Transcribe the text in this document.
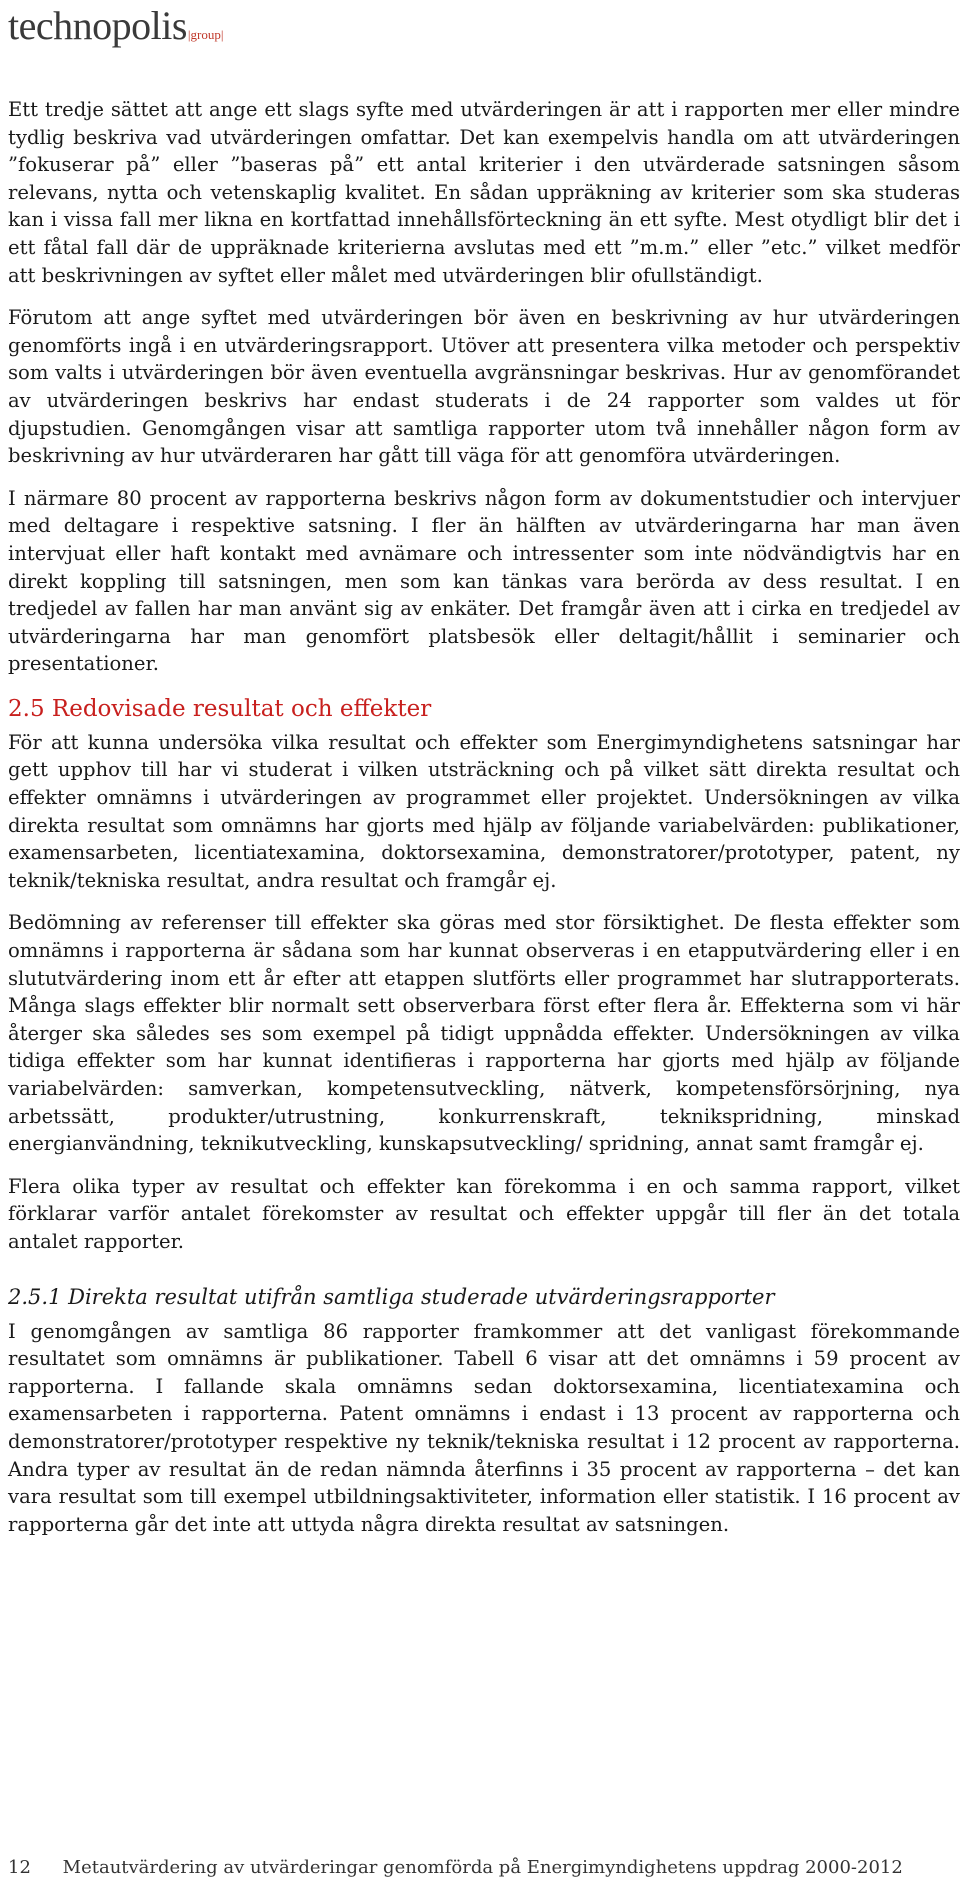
technopolis |group|

Ett tredje sättet att ange ett slags syfte med utvärderingen är att i rapporten mer eller mindre tydlig beskriva vad utvärderingen omfattar. Det kan exempelvis handla om att utvärderingen ”fokuserar på” eller ”baseras på” ett antal kriterier i den utvärderade satsningen såsom relevans, nytta och vetenskaplig kvalitet. En sådan uppräkning av kriterier som ska studeras kan i vissa fall mer likna en kortfattad innehållsförteckning än ett syfte. Mest otydligt blir det i ett fåtal fall där de uppräknade kriterierna avslutas med ett ”m.m.” eller ”etc.” vilket medför att beskrivningen av syftet eller målet med utvärderingen blir ofullständigt.

Förutom att ange syftet med utvärderingen bör även en beskrivning av hur utvärderingen genomförts ingå i en utvärderingsrapport. Utöver att presentera vilka metoder och perspektiv som valts i utvärderingen bör även eventuella avgränsningar beskrivas. Hur av genomförandet av utvärderingen beskrivs har endast studerats i de 24 rapporter som valdes ut för djupstudien. Genomgången visar att samtliga rapporter utom två innehåller någon form av beskrivning av hur utvärderaren har gått till väga för att genomföra utvärderingen.

I närmare 80 procent av rapporterna beskrivs någon form av dokumentstudier och intervjuer med deltagare i respektive satsning. I fler än hälften av utvärderingarna har man även intervjuat eller haft kontakt med avnämare och intressenter som inte nödvändigtvis har en direkt koppling till satsningen, men som kan tänkas vara berörda av dess resultat. I en tredjedel av fallen har man använt sig av enkäter. Det framgår även att i cirka en tredjedel av utvärderingarna har man genomfört platsbesök eller deltagit/hållit i seminarier och presentationer.

2.5 Redovisade resultat och effekter

För att kunna undersöka vilka resultat och effekter som Energimyndighetens satsningar har gett upphov till har vi studerat i vilken utsträckning och på vilket sätt direkta resultat och effekter omnämns i utvärderingen av programmet eller projektet. Undersökningen av vilka direkta resultat som omnämns har gjorts med hjälp av följande variabelvärden: publikationer, examensarbeten, licentiatexamina, doktorsexamina, demonstratorer/prototyper, patent, ny teknik/tekniska resultat, andra resultat och framgår ej.

Bedömning av referenser till effekter ska göras med stor försiktighet. De flesta effekter som omnämns i rapporterna är sådana som har kunnat observeras i en etapputvärdering eller i en slututvärdering inom ett år efter att etappen slutförts eller programmet har slutrapporterats. Många slags effekter blir normalt sett observerbara först efter flera år. Effekterna som vi här återger ska således ses som exempel på tidigt uppnådda effekter. Undersökningen av vilka tidiga effekter som har kunnat identifieras i rapporterna har gjorts med hjälp av följande variabelvärden: samverkan, kompetensutveckling, nätverk, kompetensförsörjning, nya arbetssätt, produkter/utrustning, konkurrenskraft, teknikspridning, minskad energianvändning, teknikutveckling, kunskapsutveckling/ spridning, annat samt framgår ej.

Flera olika typer av resultat och effekter kan förekomma i en och samma rapport, vilket förklarar varför antalet förekomster av resultat och effekter uppgår till fler än det totala antalet rapporter.

2.5.1 Direkta resultat utifrån samtliga studerade utvärderingsrapporter

I genomgången av samtliga 86 rapporter framkommer att det vanligast förekommande resultatet som omnämns är publikationer. Tabell 6 visar att det omnämns i 59 procent av rapporterna. I fallande skala omnämns sedan doktorsexamina, licentiatexamina och examensarbeten i rapporterna. Patent omnämns i endast i 13 procent av rapporterna och demonstratorer/prototyper respektive ny teknik/tekniska resultat i 12 procent av rapporterna. Andra typer av resultat än de redan nämnda återfinns i 35 procent av rapporterna – det kan vara resultat som till exempel utbildningsaktiviteter, information eller statistik. I 16 procent av rapporterna går det inte att uttyda några direkta resultat av satsningen.

12 Metautvärdering av utvärderingar genomförda på Energimyndighetens uppdrag 2000-2012
